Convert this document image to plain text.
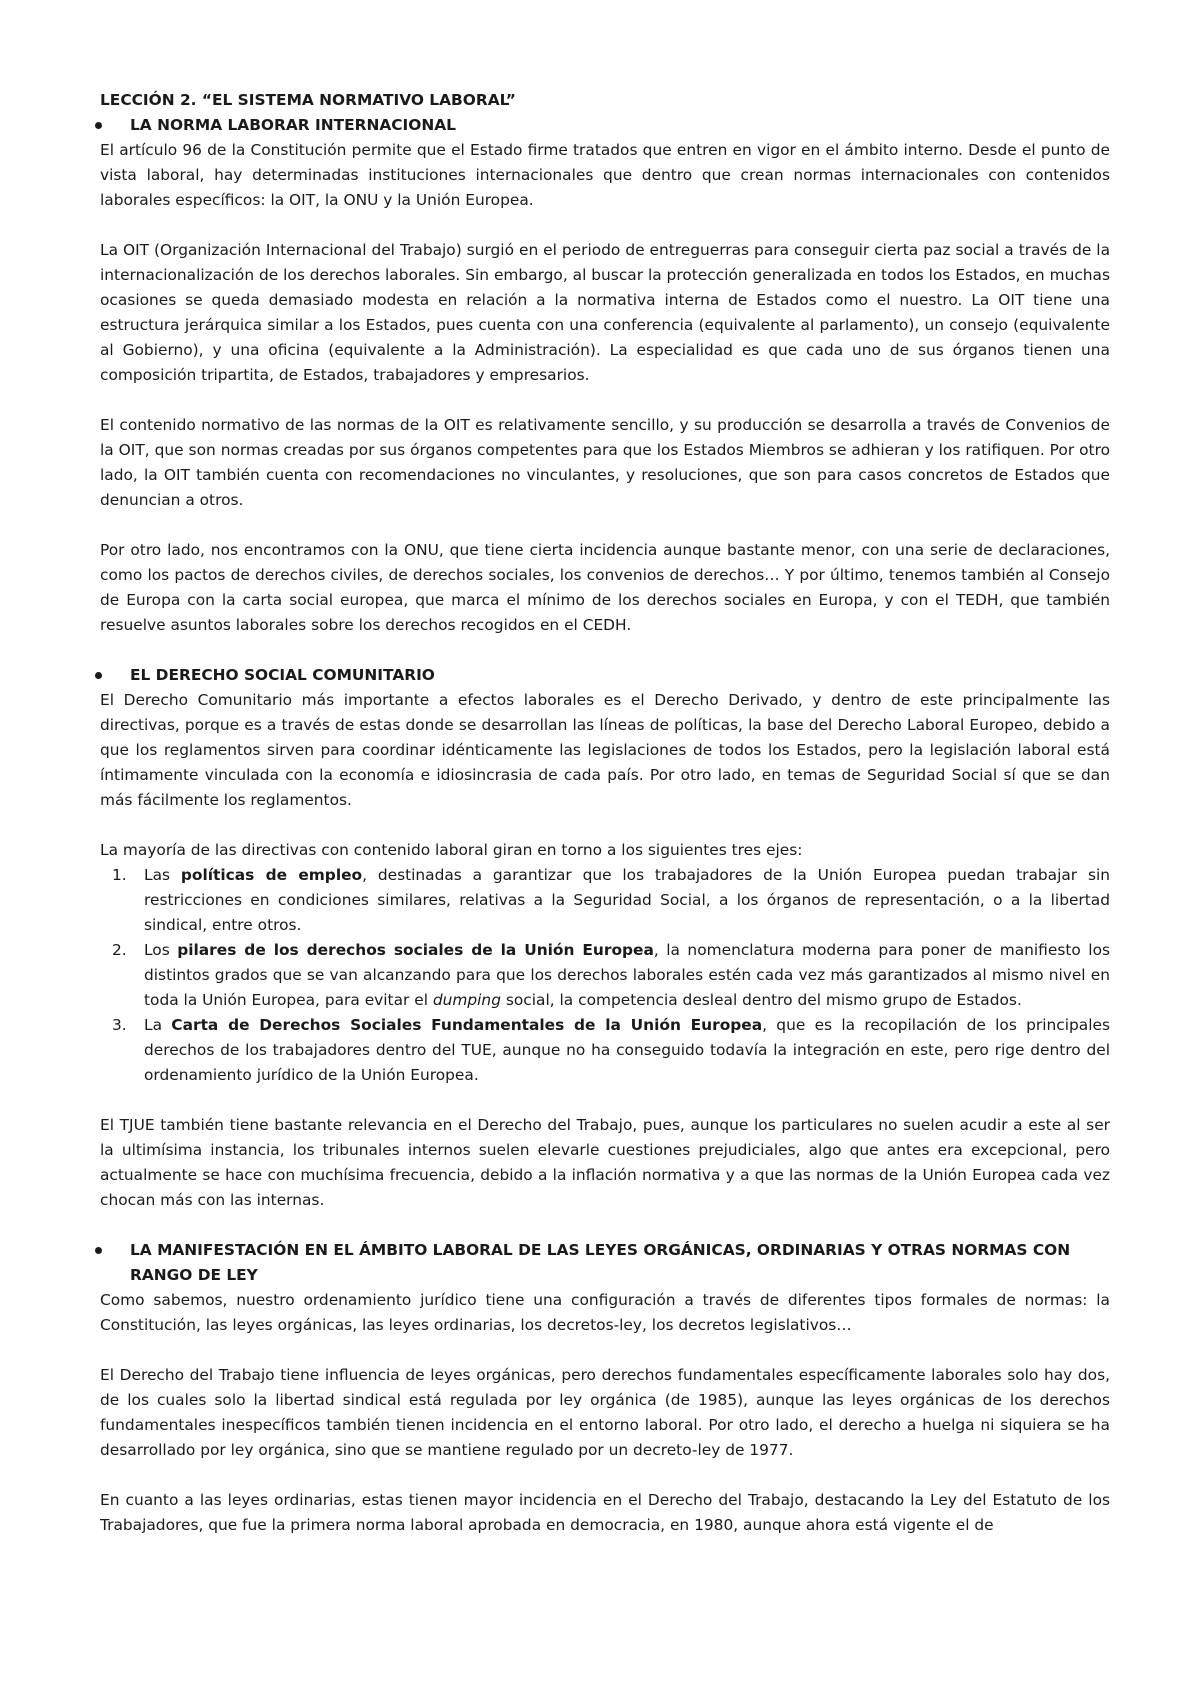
LECCIÓN 2. “EL SISTEMA NORMATIVO LABORAL”
LA NORMA LABORAR INTERNACIONAL

El artículo 96 de la Constitución permite que el Estado firme tratados que entren en vigor en el ámbito interno. Desde el punto de vista laboral, hay determinadas instituciones internacionales que dentro que crean normas internacionales con contenidos laborales específicos: la OIT, la ONU y la Unión Europea.

La OIT (Organización Internacional del Trabajo) surgió en el periodo de entreguerras para conseguir cierta paz social a través de la internacionalización de los derechos laborales. Sin embargo, al buscar la protección generalizada en todos los Estados, en muchas ocasiones se queda demasiado modesta en relación a la normativa interna de Estados como el nuestro. La OIT tiene una estructura jerárquica similar a los Estados, pues cuenta con una conferencia (equivalente al parlamento), un consejo (equivalente al Gobierno), y una oficina (equivalente a la Administración). La especialidad es que cada uno de sus órganos tienen una composición tripartita, de Estados, trabajadores y empresarios.

El contenido normativo de las normas de la OIT es relativamente sencillo, y su producción se desarrolla a través de Convenios de la OIT, que son normas creadas por sus órganos competentes para que los Estados Miembros se adhieran y los ratifiquen. Por otro lado, la OIT también cuenta con recomendaciones no vinculantes, y resoluciones, que son para casos concretos de Estados que denuncian a otros.

Por otro lado, nos encontramos con la ONU, que tiene cierta incidencia aunque bastante menor, con una serie de declaraciones, como los pactos de derechos civiles, de derechos sociales, los convenios de derechos… Y por último, tenemos también al Consejo de Europa con la carta social europea, que marca el mínimo de los derechos sociales en Europa, y con el TEDH, que también resuelve asuntos laborales sobre los derechos recogidos en el CEDH.

EL DERECHO SOCIAL COMUNITARIO

El Derecho Comunitario más importante a efectos laborales es el Derecho Derivado, y dentro de este principalmente las directivas, porque es a través de estas donde se desarrollan las líneas de políticas, la base del Derecho Laboral Europeo, debido a que los reglamentos sirven para coordinar idénticamente las legislaciones de todos los Estados, pero la legislación laboral está íntimamente vinculada con la economía e idiosincrasia de cada país. Por otro lado, en temas de Seguridad Social sí que se dan más fácilmente los reglamentos.

La mayoría de las directivas con contenido laboral giran en torno a los siguientes tres ejes:

1. Las políticas de empleo, destinadas a garantizar que los trabajadores de la Unión Europea puedan trabajar sin restricciones en condiciones similares, relativas a la Seguridad Social, a los órganos de representación, o a la libertad sindical, entre otros.
2. Los pilares de los derechos sociales de la Unión Europea, la nomenclatura moderna para poner de manifiesto los distintos grados que se van alcanzando para que los derechos laborales estén cada vez más garantizados al mismo nivel en toda la Unión Europea, para evitar el dumping social, la competencia desleal dentro del mismo grupo de Estados.
3. La Carta de Derechos Sociales Fundamentales de la Unión Europea, que es la recopilación de los principales derechos de los trabajadores dentro del TUE, aunque no ha conseguido todavía la integración en este, pero rige dentro del ordenamiento jurídico de la Unión Europea.

El TJUE también tiene bastante relevancia en el Derecho del Trabajo, pues, aunque los particulares no suelen acudir a este al ser la ultimísima instancia, los tribunales internos suelen elevarle cuestiones prejudiciales, algo que antes era excepcional, pero actualmente se hace con muchísima frecuencia, debido a la inflación normativa y a que las normas de la Unión Europea cada vez chocan más con las internas.

LA MANIFESTACIÓN EN EL ÁMBITO LABORAL DE LAS LEYES ORGÁNICAS, ORDINARIAS Y OTRAS NORMAS CON RANGO DE LEY

Como sabemos, nuestro ordenamiento jurídico tiene una configuración a través de diferentes tipos formales de normas: la Constitución, las leyes orgánicas, las leyes ordinarias, los decretos-ley, los decretos legislativos…

El Derecho del Trabajo tiene influencia de leyes orgánicas, pero derechos fundamentales específicamente laborales solo hay dos, de los cuales solo la libertad sindical está regulada por ley orgánica (de 1985), aunque las leyes orgánicas de los derechos fundamentales inespecíficos también tienen incidencia en el entorno laboral. Por otro lado, el derecho a huelga ni siquiera se ha desarrollado por ley orgánica, sino que se mantiene regulado por un decreto-ley de 1977.

En cuanto a las leyes ordinarias, estas tienen mayor incidencia en el Derecho del Trabajo, destacando la Ley del Estatuto de los Trabajadores, que fue la primera norma laboral aprobada en democracia, en 1980, aunque ahora está vigente el de
